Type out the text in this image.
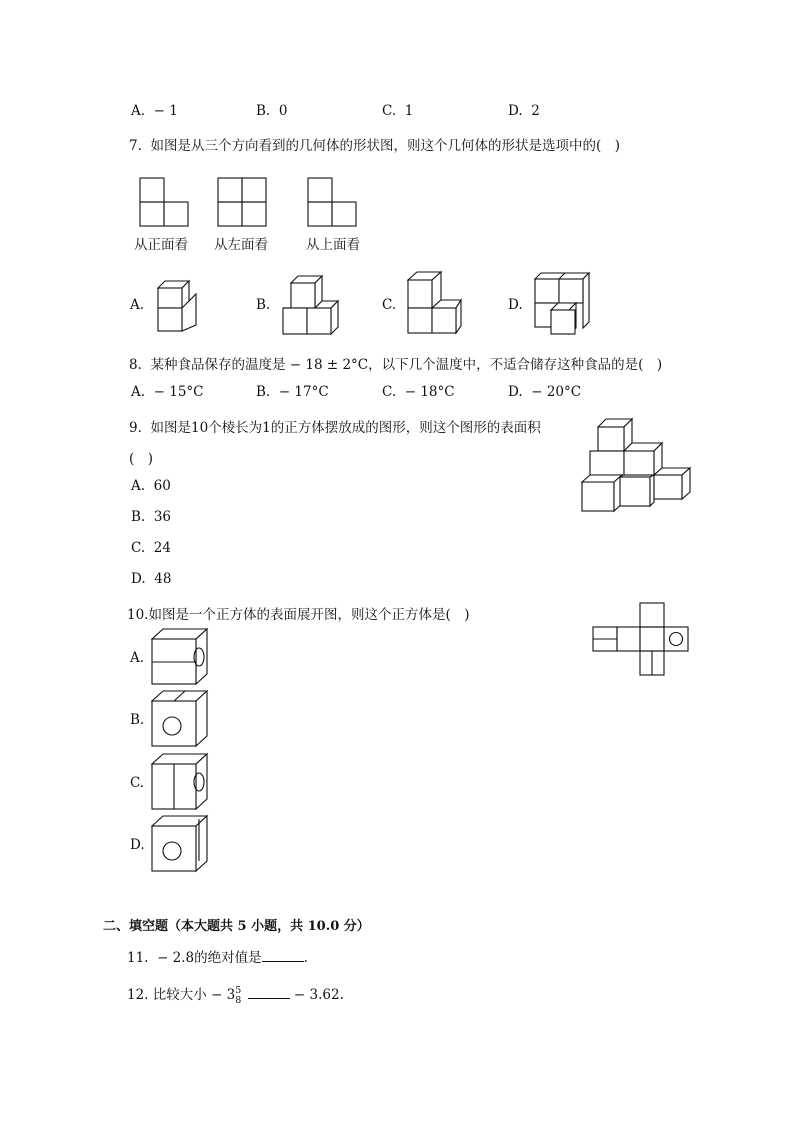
A. − 1	B. 0	C. 1	D. 2
7. 如图是从三个方向看到的几何体的形状图，则这个几何体的形状是选项中的(　)
从正面看 从左面看	从上面看
A.	B.	C.	D.
8. 某种食品保存的温度是 − 18 ± 2°C，以下几个温度中，不适合储存这种食品的是(　)
A. − 15°C	B. − 17°C	C. − 18°C	D. − 20°C
9. 如图是10个棱长为1的正方体摆放成的图形，则这个图形的表面积
(　)
A. 60
B. 36
C. 24
D. 48
10.如图是一个正方体的表面展开图，则这个正方体是(　)
A.
B.
C.
D.
二、填空题（本大题共 5 小题，共 10.0 分）
11. − 2.8的绝对值是	.
12. 比较大小 − 3 5
8	− 3.62.
